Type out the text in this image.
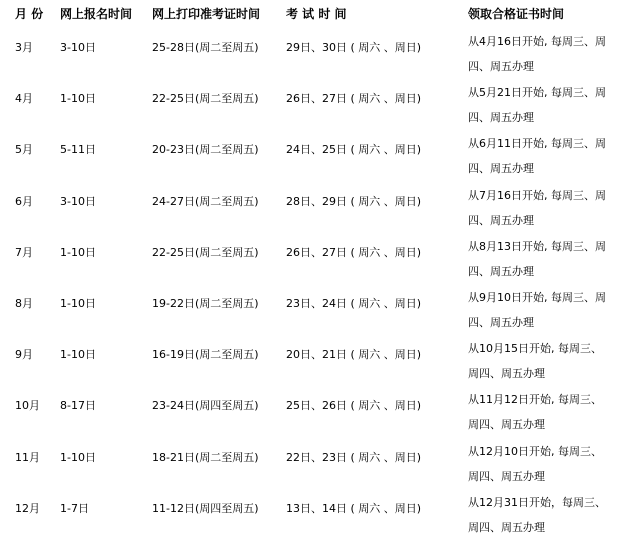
月 份 网上报名时间 网上打印准考证时间 考 试 时 间	领取合格证书时间
3月 3-10日	25-28日(周二至周五) 29日、30日 ( 周六 、周日)	从4月16日开始, 每周三、周
四、周五办理
4月 1-10日	22-25日(周二至周五) 26日、27日 ( 周六 、周日)	从5月21日开始, 每周三、周
四、周五办理
5月 5-11日	20-23日(周二至周五) 24日、25日 ( 周六 、周日)	从6月11日开始, 每周三、周
四、周五办理
6月 3-10日	24-27日(周二至周五) 28日、29日 ( 周六 、周日)	从7月16日开始, 每周三、周
四、周五办理
7月 1-10日	22-25日(周二至周五) 26日、27日 ( 周六 、周日)	从8月13日开始, 每周三、周
四、周五办理
8月 1-10日	19-22日(周二至周五) 23日、24日 ( 周六 、周日)	从9月10日开始, 每周三、周
四、周五办理
9月 1-10日	16-19日(周二至周五) 20日、21日 ( 周六 、周日)	从10月15日开始, 每周三、
周四、周五办理
10月 8-17日	23-24日(周四至周五) 25日、26日 ( 周六 、周日)	从11月12日开始, 每周三、
周四、周五办理
11月 1-10日	18-21日(周二至周五) 22日、23日 ( 周六 、周日)	从12月10日开始, 每周三、
周四、周五办理
12月 1-7日	11-12日(周四至周五) 13日、14日 ( 周六 、周日)	从12月31日开始，每周三、
周四、周五办理
